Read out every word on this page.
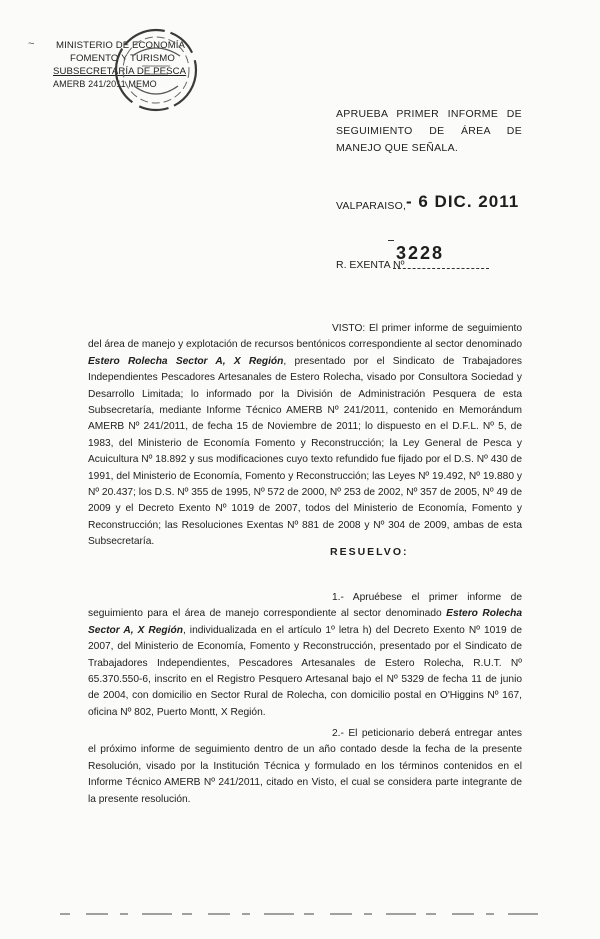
~ MINISTERIO DE ECONOMÍA
FOMENTO Y TURISMO
SUBSECRETARÍA DE PESCA
AMERB 241/2011 MEMO
APRUEBA PRIMER INFORME DE SEGUIMIENTO DE ÁREA DE MANEJO QUE SEÑALA.
VALPARAISO, - 6 DIC. 2011
3228
R. EXENTA Nº
VISTO: El primer informe de seguimiento del área de manejo y explotación de recursos bentónicos correspondiente al sector denominado Estero Rolecha Sector A, X Región, presentado por el Sindicato de Trabajadores Independientes Pescadores Artesanales de Estero Rolecha, visado por Consultora Sociedad y Desarrollo Limitada; lo informado por la División de Administración Pesquera de esta Subsecretaría, mediante Informe Técnico AMERB Nº 241/2011, contenido en Memorándum AMERB Nº 241/2011, de fecha 15 de Noviembre de 2011; lo dispuesto en el D.F.L. Nº 5, de 1983, del Ministerio de Economía Fomento y Reconstrucción; la Ley General de Pesca y Acuicultura Nº 18.892 y sus modificaciones cuyo texto refundido fue fijado por el D.S. Nº 430 de 1991, del Ministerio de Economía, Fomento y Reconstrucción; las Leyes Nº 19.492, Nº 19.880 y Nº 20.437; los D.S. Nº 355 de 1995, Nº 572 de 2000, Nº 253 de 2002, Nº 357 de 2005, Nº 49 de 2009 y el Decreto Exento Nº 1019 de 2007, todos del Ministerio de Economía, Fomento y Reconstrucción; las Resoluciones Exentas Nº 881 de 2008 y Nº 304 de 2009, ambas de esta Subsecretaría.
RESUELVO:
1.- Apruébese el primer informe de seguimiento para el área de manejo correspondiente al sector denominado Estero Rolecha Sector A, X Región, individualizada en el artículo 1º letra h) del Decreto Exento Nº 1019 de 2007, del Ministerio de Economía, Fomento y Reconstrucción, presentado por el Sindicato de Trabajadores Independientes, Pescadores Artesanales de Estero Rolecha, R.U.T. Nº 65.370.550-6, inscrito en el Registro Pesquero Artesanal bajo el Nº 5329 de fecha 11 de junio de 2004, con domicilio en Sector Rural de Rolecha, con domicilio postal en O'Higgins Nº 167, oficina Nº 802, Puerto Montt, X Región.
2.- El peticionario deberá entregar antes el próximo informe de seguimiento dentro de un año contado desde la fecha de la presente Resolución, visado por la Institución Técnica y formulado en los términos contenidos en el Informe Técnico AMERB Nº 241/2011, citado en Visto, el cual se considera parte integrante de la presente resolución.
